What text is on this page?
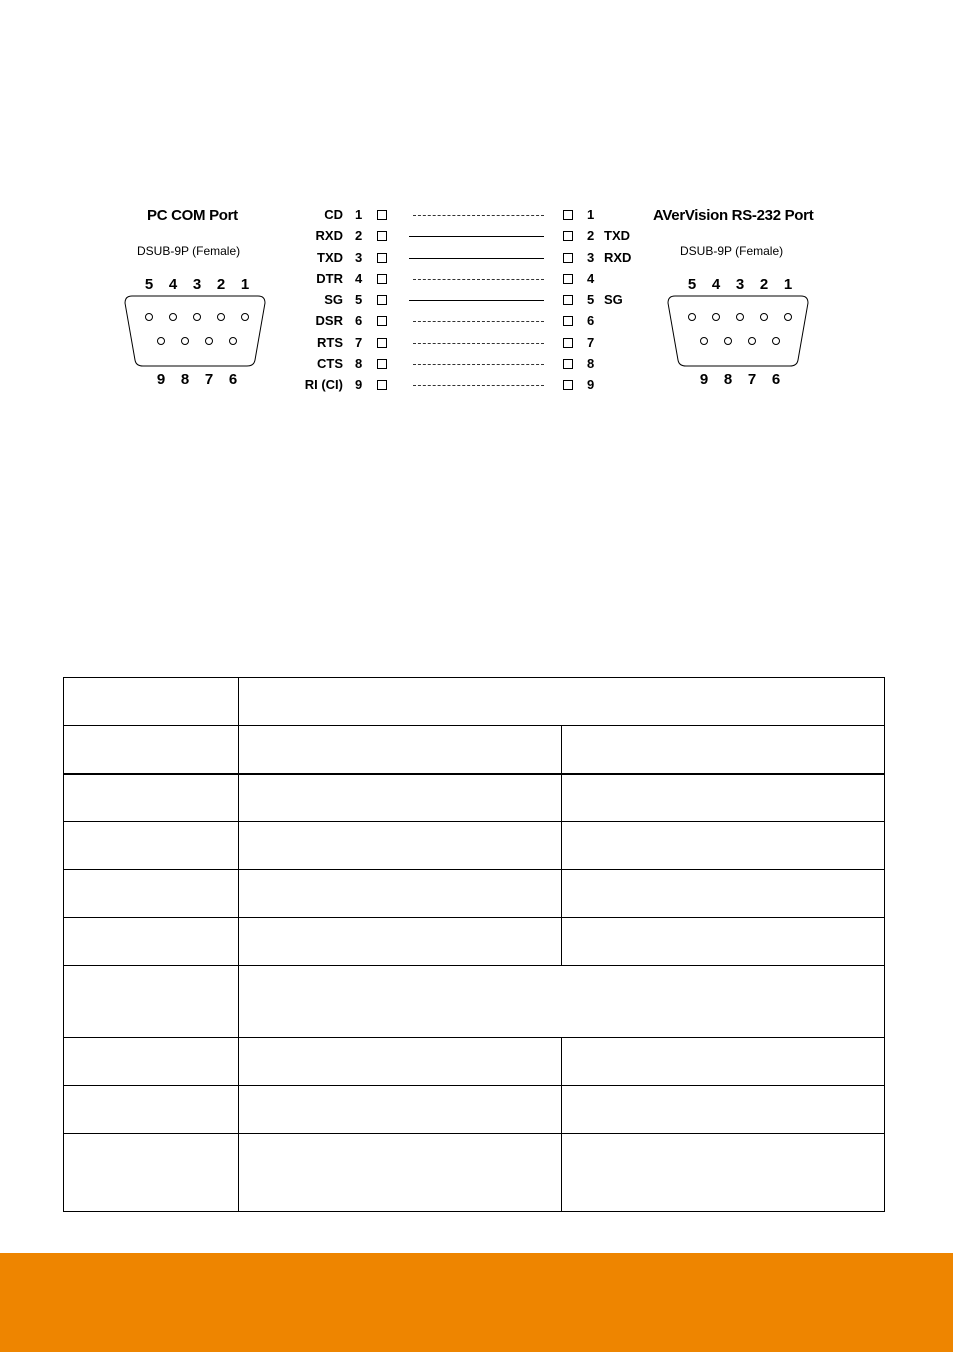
PC COM Port
DSUB-9P (Female)
5 4 3 2 1
9 8 7 6
AVerVision RS-232 Port
DSUB-9P (Female)
5 4 3 2 1
9 8 7 6
CD 1	1
RXD 2	2 TXD
TXD 3	3 RXD
DTR 4	4
SG 5	5 SG
DSR 6	6
RTS 7	7
CTS 8	8
RI (CI) 9	9
